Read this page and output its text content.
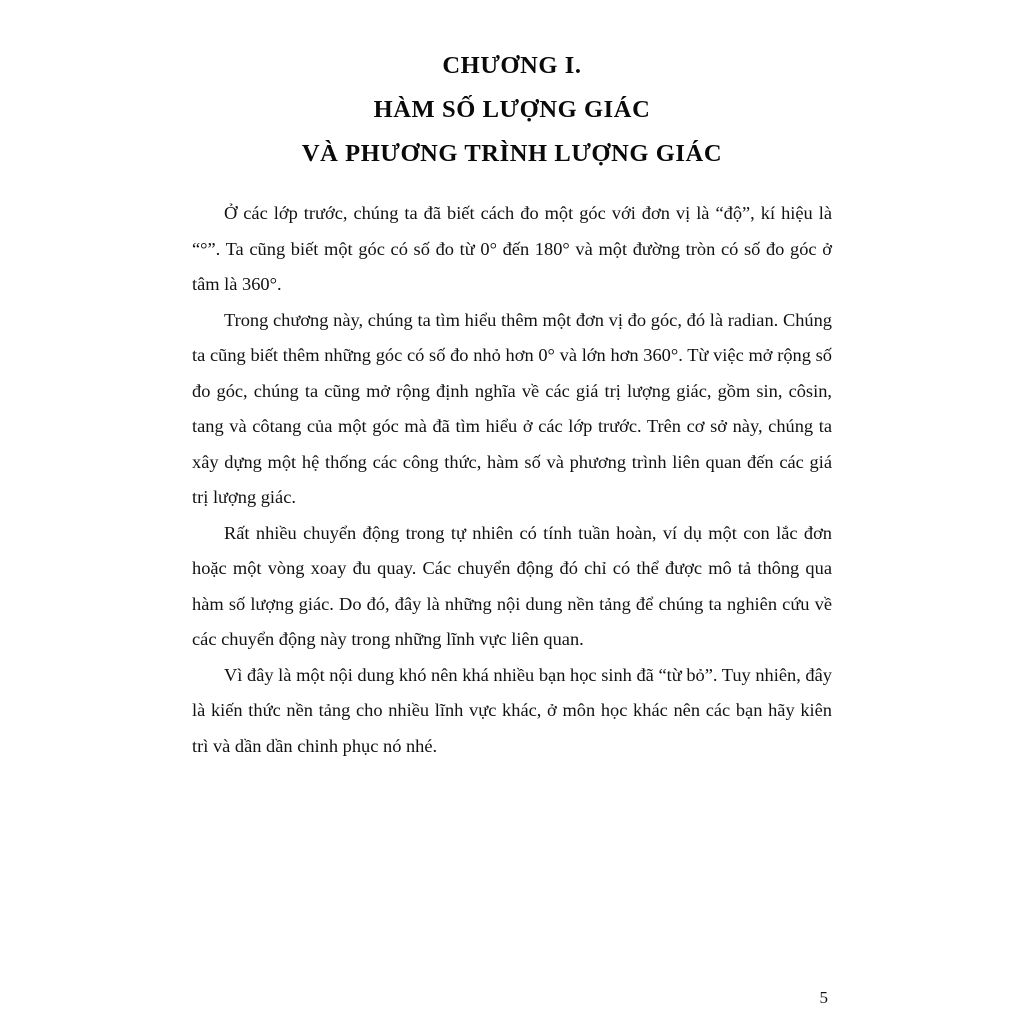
CHƯƠNG I.
HÀM SỐ LƯỢNG GIÁC
VÀ PHƯƠNG TRÌNH LƯỢNG GIÁC

Ở các lớp trước, chúng ta đã biết cách đo một góc với đơn vị là “độ”, kí hiệu là “°”. Ta cũng biết một góc có số đo từ 0° đến 180° và một đường tròn có số đo góc ở tâm là 360°.

Trong chương này, chúng ta tìm hiểu thêm một đơn vị đo góc, đó là radian. Chúng ta cũng biết thêm những góc có số đo nhỏ hơn 0° và lớn hơn 360°. Từ việc mở rộng số đo góc, chúng ta cũng mở rộng định nghĩa về các giá trị lượng giác, gồm sin, côsin, tang và côtang của một góc mà đã tìm hiểu ở các lớp trước. Trên cơ sở này, chúng ta xây dựng một hệ thống các công thức, hàm số và phương trình liên quan đến các giá trị lượng giác.

Rất nhiều chuyển động trong tự nhiên có tính tuần hoàn, ví dụ một con lắc đơn hoặc một vòng xoay đu quay. Các chuyển động đó chỉ có thể được mô tả thông qua hàm số lượng giác. Do đó, đây là những nội dung nền tảng để chúng ta nghiên cứu về các chuyển động này trong những lĩnh vực liên quan.

Vì đây là một nội dung khó nên khá nhiều bạn học sinh đã “từ bỏ”. Tuy nhiên, đây là kiến thức nền tảng cho nhiều lĩnh vực khác, ở môn học khác nên các bạn hãy kiên trì và dần dần chinh phục nó nhé.

5
